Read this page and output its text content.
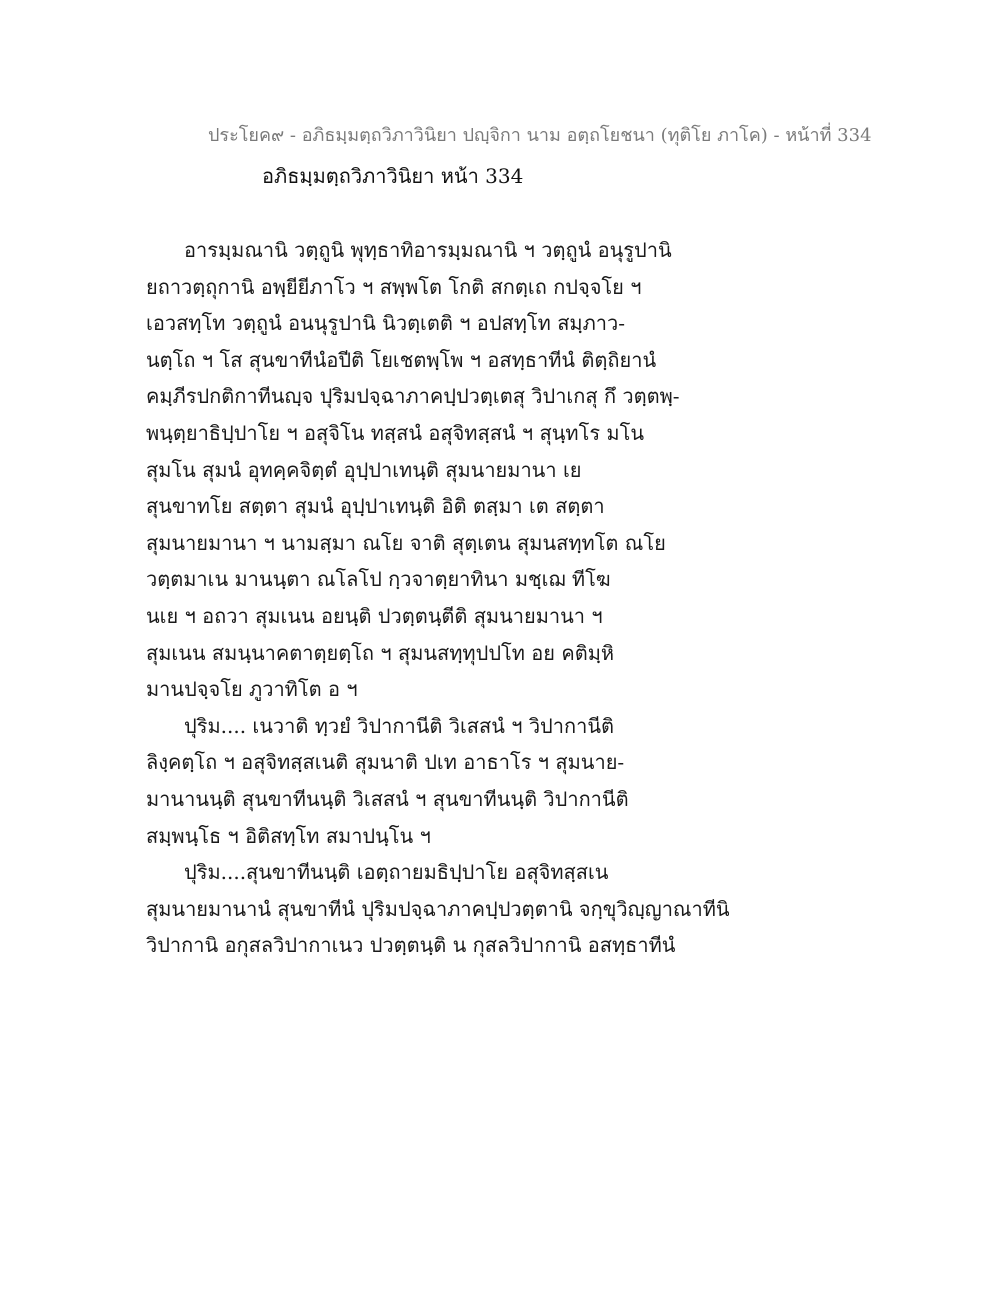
ประโยค๙ - อภิธมฺมตฺถวิภาวินิยา ปญฺจิกา นาม อตฺถโยชนา (ทุติโย ภาโค) - หน้าที่ 334
อภิธมฺมตฺถวิภาวินิยา หน้า 334
อารมฺมณานิ วตฺถูนิ พุทฺธาทิอารมฺมณานิ ฯ วตฺถูนํ อนุรูปานิ
ยถาวตฺถุกานิ อพฺยียีภาโว ฯ สพฺพโต โกติ สกตฺเถ กปจฺจโย ฯ
เอวสทฺโท วตฺถูนํ อนนุรูปานิ นิวตฺเตติ ฯ อปสทฺโท สมฺภาว-
นตฺโถ ฯ โส สุนขาทีนํอปีติ โยเชตพฺโพ ฯ อสทฺธาทีนํ ติตฺถิยานํ
คมฺภีรปกติกาทีนญฺจ ปุริมปจฺฉาภาคปฺปวตฺเตสุ วิปาเกสุ กึ วตฺตพฺ-
พนฺตฺยาธิปฺปาโย ฯ อสุจิโน ทสฺสนํ อสุจิทสฺสนํ ฯ สุนฺทโร มโน
สุมโน สุมนํ อุทคฺคจิตฺตํ อุปฺปาเทนฺติ สุมนายมานา เย
สุนขาทโย สตฺตา สุมนํ อุปฺปาเทนฺติ อิติ ตสฺมา เต สตฺตา
สุมนายมานา ฯ นามสฺมา ณโย จาติ สุตฺเตน สุมนสทฺทโต ณโย
วตฺตมาเน มานนฺตา ณโลโป กฺวจาตฺยาทินา มชฺเฌ ทีโฆ
นเย ฯ อถวา สุมเนน อยนฺติ ปวตฺตนฺตีติ สุมนายมานา ฯ
สุมเนน สมนฺนาคตาตฺยตฺโถ ฯ สุมนสทฺทุปปโท อย คติมฺหิ
มานปจฺจโย ภูวาทิโต อ ฯ
ปุริม.... เนวาติ ทฺวยํ วิปากานีติ วิเสสนํ ฯ วิปากานีติ
ลิงฺคตฺโถ ฯ อสุจิทสฺสเนติ สุมนาติ ปเท อาธาโร ฯ สุมนาย-
มานานนฺติ สุนขาทีนนฺติ วิเสสนํ ฯ สุนขาทีนนฺติ วิปากานีติ
สมฺพนฺโธ ฯ อิติสทฺโท สมาปนฺโน ฯ
ปุริม....สุนขาทีนนฺติ เอตฺถายมธิปฺปาโย อสุจิทสฺสเน
สุมนายมานานํ สุนขาทีนํ ปุริมปจฺฉาภาคปฺปวตฺตานิ จกฺขุวิญฺญาณาทีนิ
วิปากานิ อกุสลวิปากาเนว ปวตฺตนฺติ น กุสลวิปากานิ อสทฺธาทีนํ
